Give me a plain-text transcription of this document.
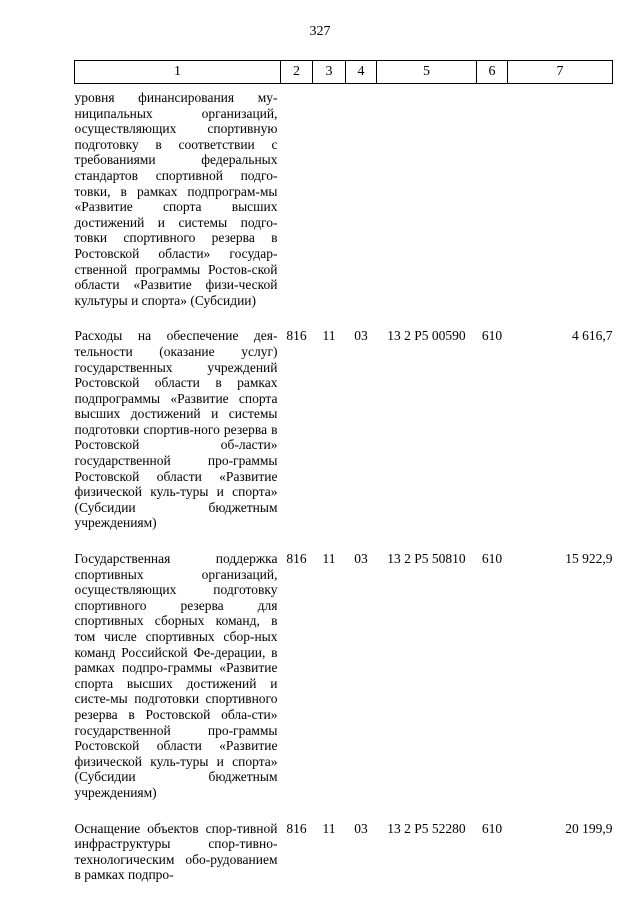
327
1	2	3	4	5	6	7
уровня финансирования му-ниципальных организаций, осуществляющих спортивную подготовку в соответствии с требованиями федеральных стандартов спортивной подго-товки, в рамках подпрограм-мы «Развитие спорта высших достижений и системы подго-товки спортивного резерва в Ростовской области» государ-ственной программы Ростов-ской области «Развитие физи-ческой культуры и спорта» (Субсидии)						
Расходы на обеспечение дея-тельности (оказание услуг) государственных учреждений Ростовской области в рамках подпрограммы «Развитие спорта высших достижений и системы подготовки спортив-ного резерва в Ростовской об-ласти» государственной про-граммы Ростовской области «Развитие физической куль-туры и спорта» (Субсидии бюджетным учреждениям)	816	11	03	13 2 P5 00590	610	4 616,7
Государственная поддержка спортивных организаций, осуществляющих подготовку спортивного резерва для спортивных сборных команд, в том числе спортивных сбор-ных команд Российской Фе-дерации, в рамках подпро-граммы «Развитие спорта высших достижений и систе-мы подготовки спортивного резерва в Ростовской обла-сти» государственной про-граммы Ростовской области «Развитие физической куль-туры и спорта» (Субсидии бюджетным учреждениям)	816	11	03	13 2 P5 50810	610	15 922,9
Оснащение объектов спор-тивной инфраструктуры спор-тивно-технологическим обо-рудованием в рамках подпро-	816	11	03	13 2 P5 52280	610	20 199,9
